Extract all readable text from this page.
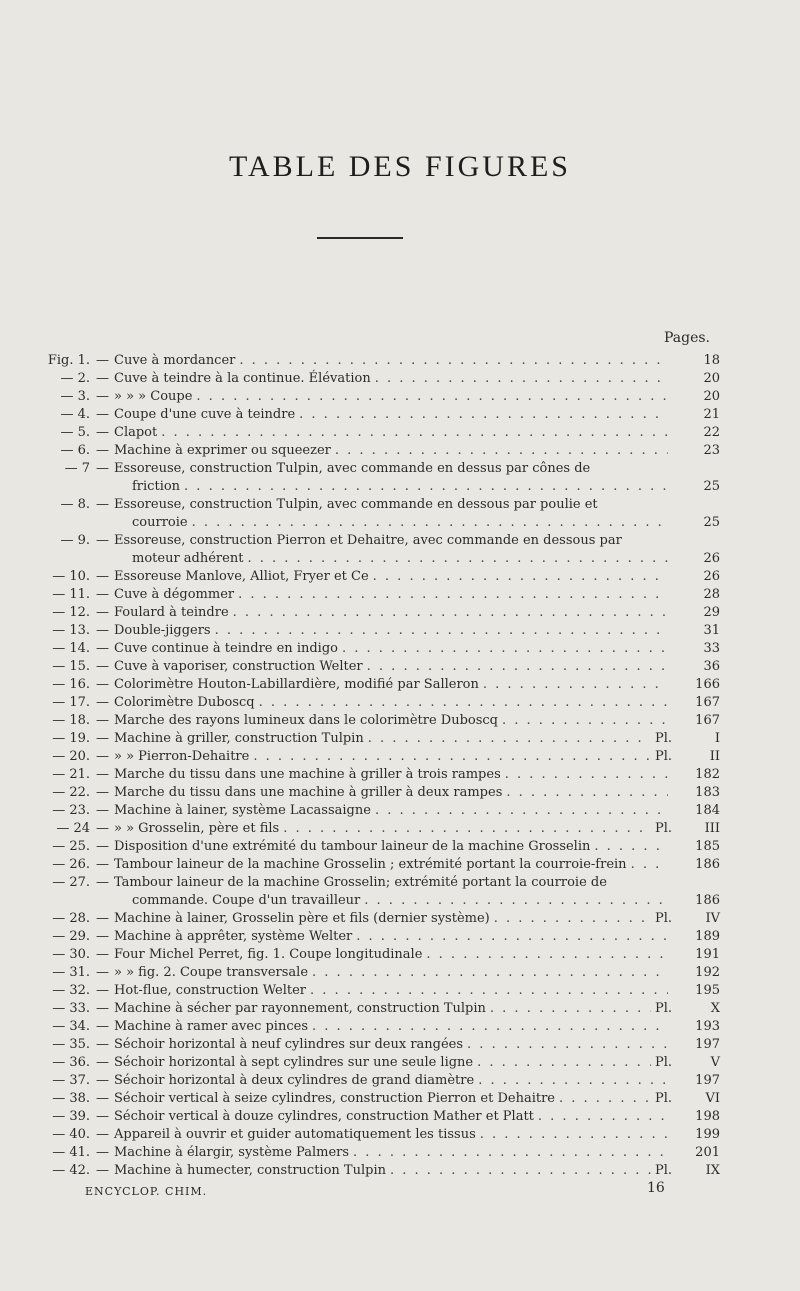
TABLE DES FIGURES
Pages.
Fig. 1. — Cuve à mordancer . . .	18
— 2. — Cuve à teindre à la continue. Élévation . . .	20
— 3. — » » » Coupe . . .	20
— 4. — Coupe d'une cuve à teindre . . .	21
— 5. — Clapot . . .	22
— 6. — Machine à exprimer ou squeezer . . .	23
— 7 — Essoreuse, construction Tulpin, avec commande en dessus par cônes de
friction . . .	25
— 8. — Essoreuse, construction Tulpin, avec commande en dessous par poulie et
courroie . . .	25
— 9. — Essoreuse, construction Pierron et Dehaitre, avec commande en dessous par
moteur adhérent . . .	26
— 10. — Essoreuse Manlove, Alliot, Fryer et Ce . . .	26
— 11. — Cuve à dégommer . . .	28
— 12. — Foulard à teindre . . .	29
— 13. — Double-jiggers . . .	31
— 14. — Cuve continue à teindre en indigo . . .	33
— 15. — Cuve à vaporiser, construction Welter . . .	36
— 16. — Colorimètre Houton-Labillardière, modifié par Salleron . . .	166
— 17. — Colorimètre Duboscq . . .	167
— 18. — Marche des rayons lumineux dans le colorimètre Duboscq . . .	167
— 19. — Machine à griller, construction Tulpin . . .	Pl.	I
— 20. — » » Pierron-Dehaitre . . .	Pl.	II
— 21. — Marche du tissu dans une machine à griller à trois rampes . . .	182
— 22. — Marche du tissu dans une machine à griller à deux rampes . . .	183
— 23. — Machine à lainer, système Lacassaigne . . .	184
— 24 — » » Grosselin, père et fils . . .	Pl.	III
— 25. — Disposition d'une extrémité du tambour laineur de la machine Grosselin . . .	185
— 26. — Tambour laineur de la machine Grosselin ; extrémité portant la courroie-frein . . .	186
— 27. — Tambour laineur de la machine Grosselin; extrémité portant la courroie de
commande. Coupe d'un travailleur . . .	186
— 28. — Machine à lainer, Grosselin père et fils (dernier système) . . .	Pl.	IV
— 29. — Machine à apprêter, système Welter . . .	189
— 30. — Four Michel Perret, fig. 1. Coupe longitudinale . . .	191
— 31. — » » fig. 2. Coupe transversale . . .	192
— 32. — Hot-flue, construction Welter . . .	195
— 33. — Machine à sécher par rayonnement, construction Tulpin . . .	Pl.	X
— 34. — Machine à ramer avec pinces . . .	193
— 35. — Séchoir horizontal à neuf cylindres sur deux rangées . . .	197
— 36. — Séchoir horizontal à sept cylindres sur une seule ligne . . .	Pl.	V
— 37. — Séchoir horizontal à deux cylindres de grand diamètre . . .	197
— 38. — Séchoir vertical à seize cylindres, construction Pierron et Dehaitre . . .	Pl.	VI
— 39. — Séchoir vertical à douze cylindres, construction Mather et Platt . . .	198
— 40. — Appareil à ouvrir et guider automatiquement les tissus . . .	199
— 41. — Machine à élargir, système Palmers . . .	201
— 42. — Machine à humecter, construction Tulpin . . .	Pl.	IX
ENCYCLOP. CHIM.	16
